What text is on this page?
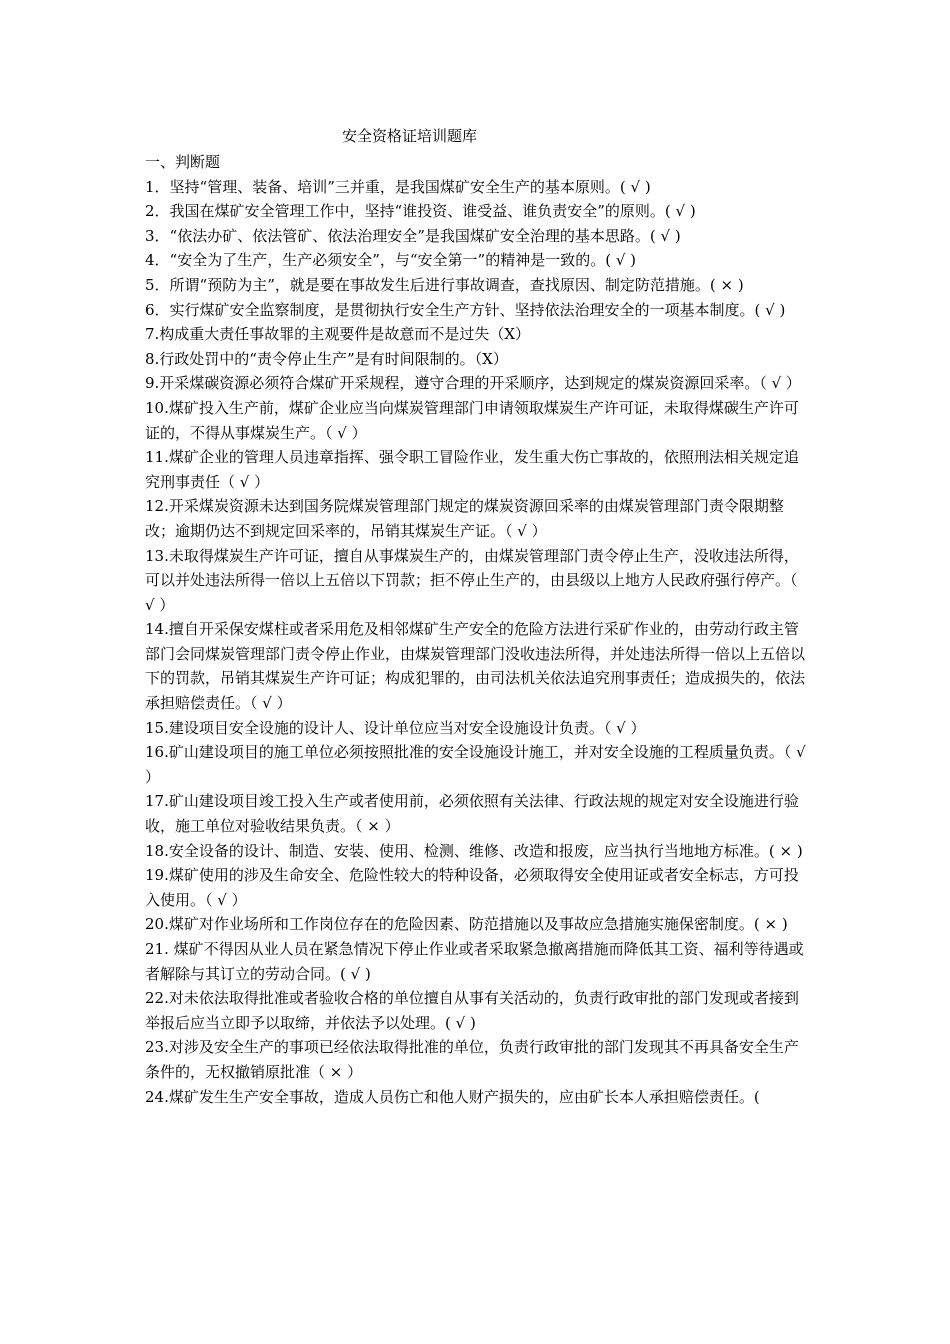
安全资格证培训题库
一、判断题

1．坚持“管理、装备、培训”三并重，是我国煤矿安全生产的基本原则。( √ )

2．我国在煤矿安全管理工作中，坚持“谁投资、谁受益、谁负责安全”的原则。( √ )

3．“依法办矿、依法管矿、依法治理安全”是我国煤矿安全治理的基本思路。( √ )

4．“安全为了生产，生产必须安全”，与“安全第一”的精神是一致的。( √ )

5．所谓“预防为主”，就是要在事故发生后进行事故调查，查找原因、制定防范措施。( × )

6．实行煤矿安全监察制度，是贯彻执行安全生产方针、坚持依法治理安全的一项基本制度。( √ )

7.构成重大责任事故罪的主观要件是故意而不是过失（X）

8.行政处罚中的“责令停止生产”是有时间限制的。（X）

9.开采煤碳资源必须符合煤矿开采规程，遵守合理的开采顺序，达到规定的煤炭资源回采率。（ √ ）

10.煤矿投入生产前，煤矿企业应当向煤炭管理部门申请领取煤炭生产许可证，未取得煤碳生产许可证的，不得从事煤炭生产。（ √ ）

11.煤矿企业的管理人员违章指挥、强令职工冒险作业，发生重大伤亡事故的，依照刑法相关规定追究刑事责任（ √ ）

12.开采煤炭资源未达到国务院煤炭管理部门规定的煤炭资源回采率的由煤炭管理部门责令限期整改；逾期仍达不到规定回采率的，吊销其煤炭生产证。（ √ ）

13.未取得煤炭生产许可证，擅自从事煤炭生产的，由煤炭管理部门责令停止生产，没收违法所得，可以并处违法所得一倍以上五倍以下罚款；拒不停止生产的，由县级以上地方人民政府强行停产。（ √ ）

14.擅自开采保安煤柱或者采用危及相邻煤矿生产安全的危险方法进行采矿作业的，由劳动行政主管部门会同煤炭管理部门责令停止作业，由煤炭管理部门没收违法所得，并处违法所得一倍以上五倍以下的罚款，吊销其煤炭生产许可证；构成犯罪的，由司法机关依法追究刑事责任；造成损失的，依法承担赔偿责任。（ √ ）

15.建设项目安全设施的设计人、设计单位应当对安全设施设计负责。（ √ ）

16.矿山建设项目的施工单位必须按照批准的安全设施设计施工，并对安全设施的工程质量负责。（ √ ）

17.矿山建设项目竣工投入生产或者使用前，必须依照有关法律、行政法规的规定对安全设施进行验收，施工单位对验收结果负责。（ × ）

18.安全设备的设计、制造、安装、使用、检测、维修、改造和报废，应当执行当地地方标准。( × )

19.煤矿使用的涉及生命安全、危险性较大的特种设备，必须取得安全使用证或者安全标志，方可投入使用。（ √ ）

20.煤矿对作业场所和工作岗位存在的危险因素、防范措施以及事故应急措施实施保密制度。( × )

21. 煤矿不得因从业人员在紧急情况下停止作业或者采取紧急撤离措施而降低其工资、福利等待遇或者解除与其订立的劳动合同。( √ )

22.对未依法取得批准或者验收合格的单位擅自从事有关活动的，负责行政审批的部门发现或者接到举报后应当立即予以取缔，并依法予以处理。( √ )

23.对涉及安全生产的事项已经依法取得批准的单位，负责行政审批的部门发现其不再具备安全生产条件的，无权撤销原批准（ × ）

24.煤矿发生生产安全事故，造成人员伤亡和他人财产损失的，应由矿长本人承担赔偿责任。(
